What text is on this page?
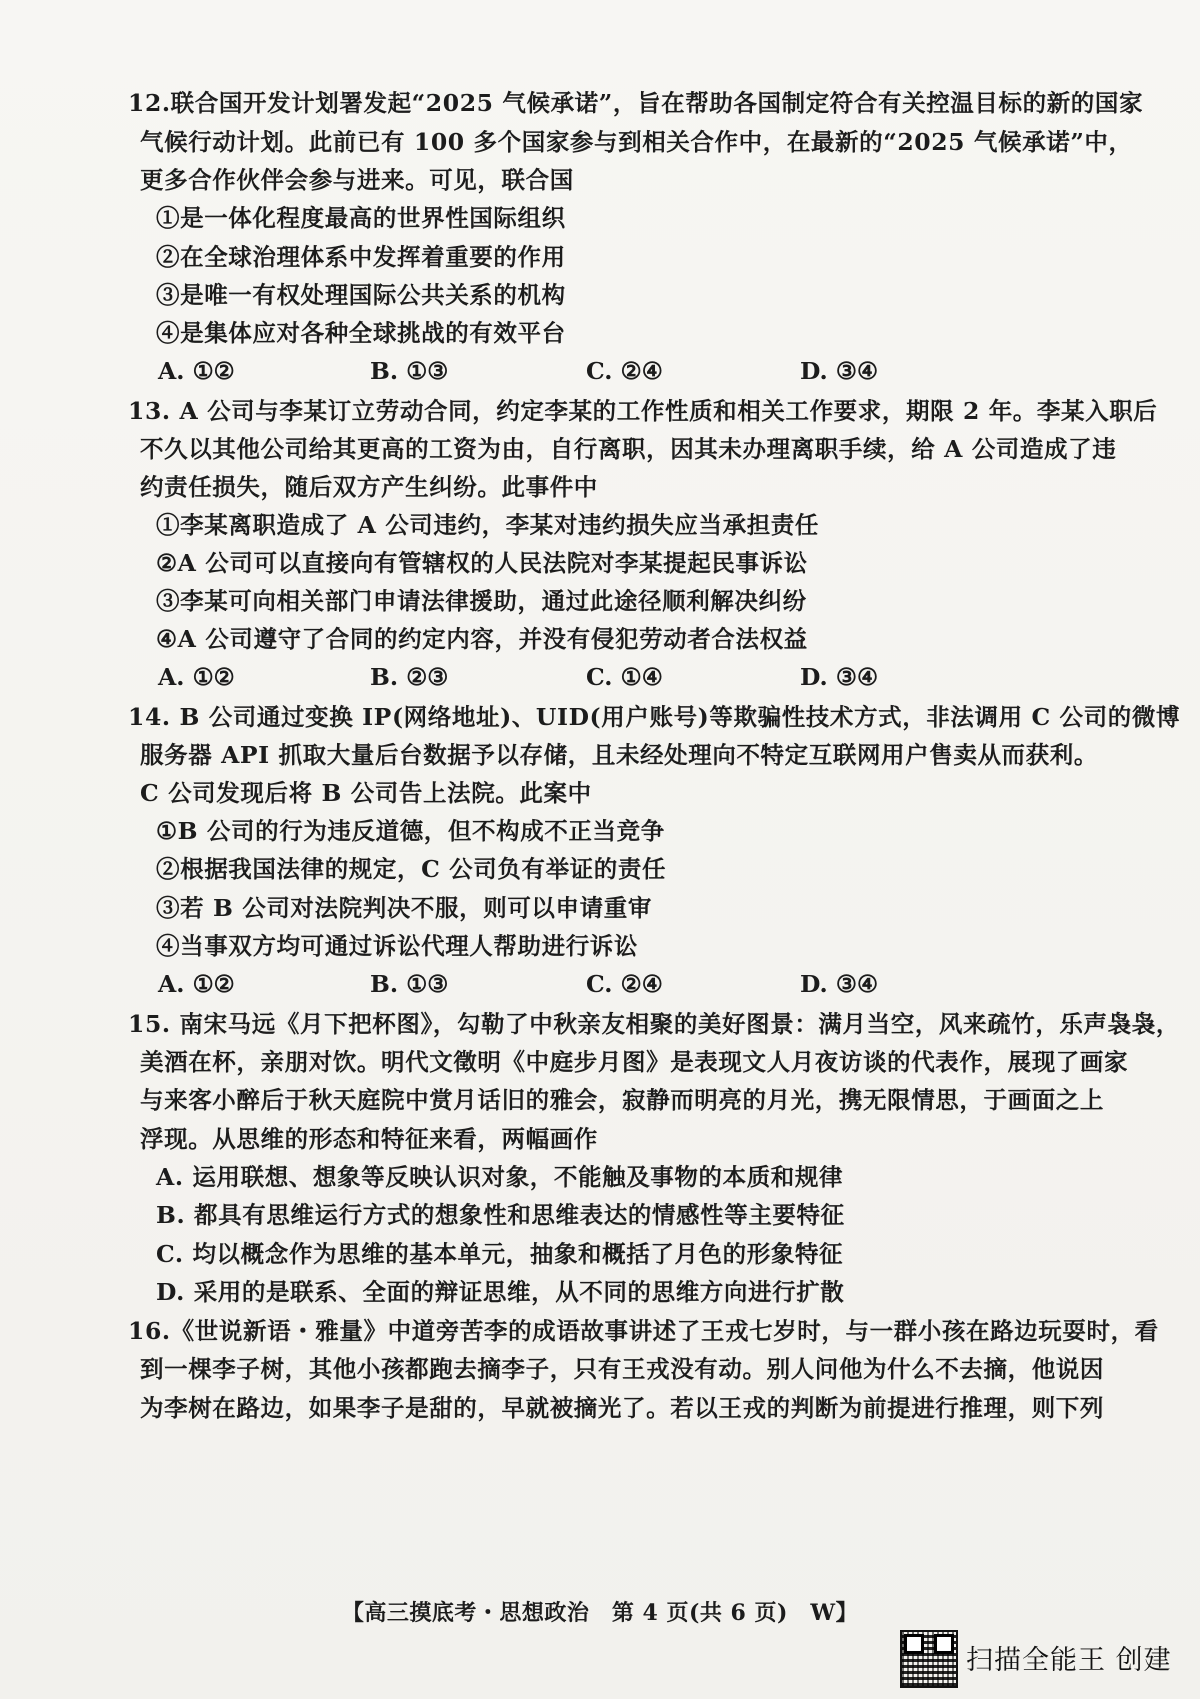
12.联合国开发计划署发起“2025 气候承诺”，旨在帮助各国制定符合有关控温目标的新的国家
气候行动计划。此前已有 100 多个国家参与到相关合作中，在最新的“2025 气候承诺”中，
更多合作伙伴会参与进来。可见，联合国
①是一体化程度最高的世界性国际组织
②在全球治理体系中发挥着重要的作用
③是唯一有权处理国际公共关系的机构
④是集体应对各种全球挑战的有效平台
A. ①②	B. ①③	C. ②④	D. ③④
13. A 公司与李某订立劳动合同，约定李某的工作性质和相关工作要求，期限 2 年。李某入职后
不久以其他公司给其更高的工资为由，自行离职，因其未办理离职手续，给 A 公司造成了违
约责任损失，随后双方产生纠纷。此事件中
①李某离职造成了 A 公司违约，李某对违约损失应当承担责任
②A 公司可以直接向有管辖权的人民法院对李某提起民事诉讼
③李某可向相关部门申请法律援助，通过此途径顺利解决纠纷
④A 公司遵守了合同的约定内容，并没有侵犯劳动者合法权益
A. ①②	B. ②③	C. ①④	D. ③④
14. B 公司通过变换 IP(网络地址)、UID(用户账号)等欺骗性技术方式，非法调用 C 公司的微博
服务器 API 抓取大量后台数据予以存储，且未经处理向不特定互联网用户售卖从而获利。
C 公司发现后将 B 公司告上法院。此案中
①B 公司的行为违反道德，但不构成不正当竞争
②根据我国法律的规定，C 公司负有举证的责任
③若 B 公司对法院判决不服，则可以申请重审
④当事双方均可通过诉讼代理人帮助进行诉讼
A. ①②	B. ①③	C. ②④	D. ③④
15. 南宋马远《月下把杯图》，勾勒了中秋亲友相聚的美好图景：满月当空，风来疏竹，乐声袅袅，
美酒在杯，亲朋对饮。明代文徵明《中庭步月图》是表现文人月夜访谈的代表作，展现了画家
与来客小醉后于秋天庭院中赏月话旧的雅会，寂静而明亮的月光，携无限情思，于画面之上
浮现。从思维的形态和特征来看，两幅画作
A. 运用联想、想象等反映认识对象，不能触及事物的本质和规律
B. 都具有思维运行方式的想象性和思维表达的情感性等主要特征
C. 均以概念作为思维的基本单元，抽象和概括了月色的形象特征
D. 采用的是联系、全面的辩证思维，从不同的思维方向进行扩散
16.《世说新语・雅量》中道旁苦李的成语故事讲述了王戎七岁时，与一群小孩在路边玩耍时，看
到一棵李子树，其他小孩都跑去摘李子，只有王戎没有动。别人问他为什么不去摘，他说因
为李树在路边，如果李子是甜的，早就被摘光了。若以王戎的判断为前提进行推理，则下列
【高三摸底考・思想政治　第 4 页(共 6 页)　W】
扫描全能王 创建
